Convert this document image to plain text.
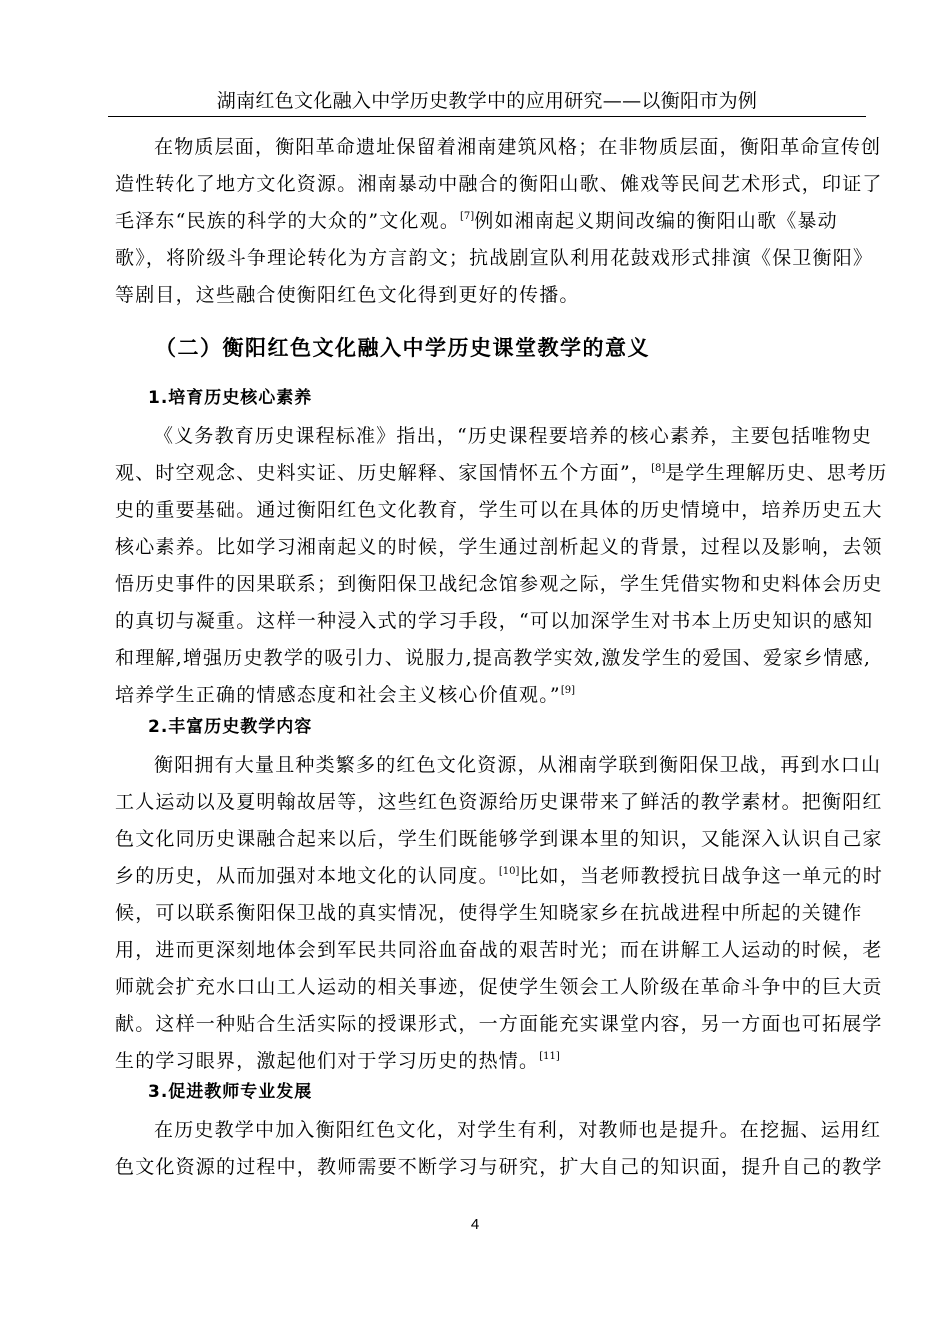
湖南红色文化融入中学历史教学中的应用研究——以衡阳市为例
在物质层面，衡阳革命遗址保留着湘南建筑风格；在非物质层面，衡阳革命宣传创
造性转化了地方文化资源。湘南暴动中融合的衡阳山歌、傩戏等民间艺术形式，印证了
毛泽东“民族的科学的大众的”文化观。[7]例如湘南起义期间改编的衡阳山歌《暴动
歌》，将阶级斗争理论转化为方言韵文；抗战剧宣队利用花鼓戏形式排演《保卫衡阳》
等剧目，这些融合使衡阳红色文化得到更好的传播。
（二）衡阳红色文化融入中学历史课堂教学的意义
1.培育历史核心素养
《义务教育历史课程标准》指出，“历史课程要培养的核心素养，主要包括唯物史
观、时空观念、史料实证、历史解释、家国情怀五个方面”，[8]是学生理解历史、思考历
史的重要基础。通过衡阳红色文化教育，学生可以在具体的历史情境中，培养历史五大
核心素养。比如学习湘南起义的时候，学生通过剖析起义的背景，过程以及影响，去领
悟历史事件的因果联系；到衡阳保卫战纪念馆参观之际，学生凭借实物和史料体会历史
的真切与凝重。这样一种浸入式的学习手段，“可以加深学生对书本上历史知识的感知
和理解,增强历史教学的吸引力、说服力,提高教学实效,激发学生的爱国、爱家乡情感,
培养学生正确的情感态度和社会主义核心价值观。”[9]
2.丰富历史教学内容
衡阳拥有大量且种类繁多的红色文化资源，从湘南学联到衡阳保卫战，再到水口山
工人运动以及夏明翰故居等，这些红色资源给历史课带来了鲜活的教学素材。把衡阳红
色文化同历史课融合起来以后，学生们既能够学到课本里的知识，又能深入认识自己家
乡的历史，从而加强对本地文化的认同度。[10]比如，当老师教授抗日战争这一单元的时
候，可以联系衡阳保卫战的真实情况，使得学生知晓家乡在抗战进程中所起的关键作
用，进而更深刻地体会到军民共同浴血奋战的艰苦时光；而在讲解工人运动的时候，老
师就会扩充水口山工人运动的相关事迹，促使学生领会工人阶级在革命斗争中的巨大贡
献。这样一种贴合生活实际的授课形式，一方面能充实课堂内容，另一方面也可拓展学
生的学习眼界，激起他们对于学习历史的热情。[11]
3.促进教师专业发展
在历史教学中加入衡阳红色文化，对学生有利，对教师也是提升。在挖掘、运用红
色文化资源的过程中，教师需要不断学习与研究，扩大自己的知识面，提升自己的教学
4
